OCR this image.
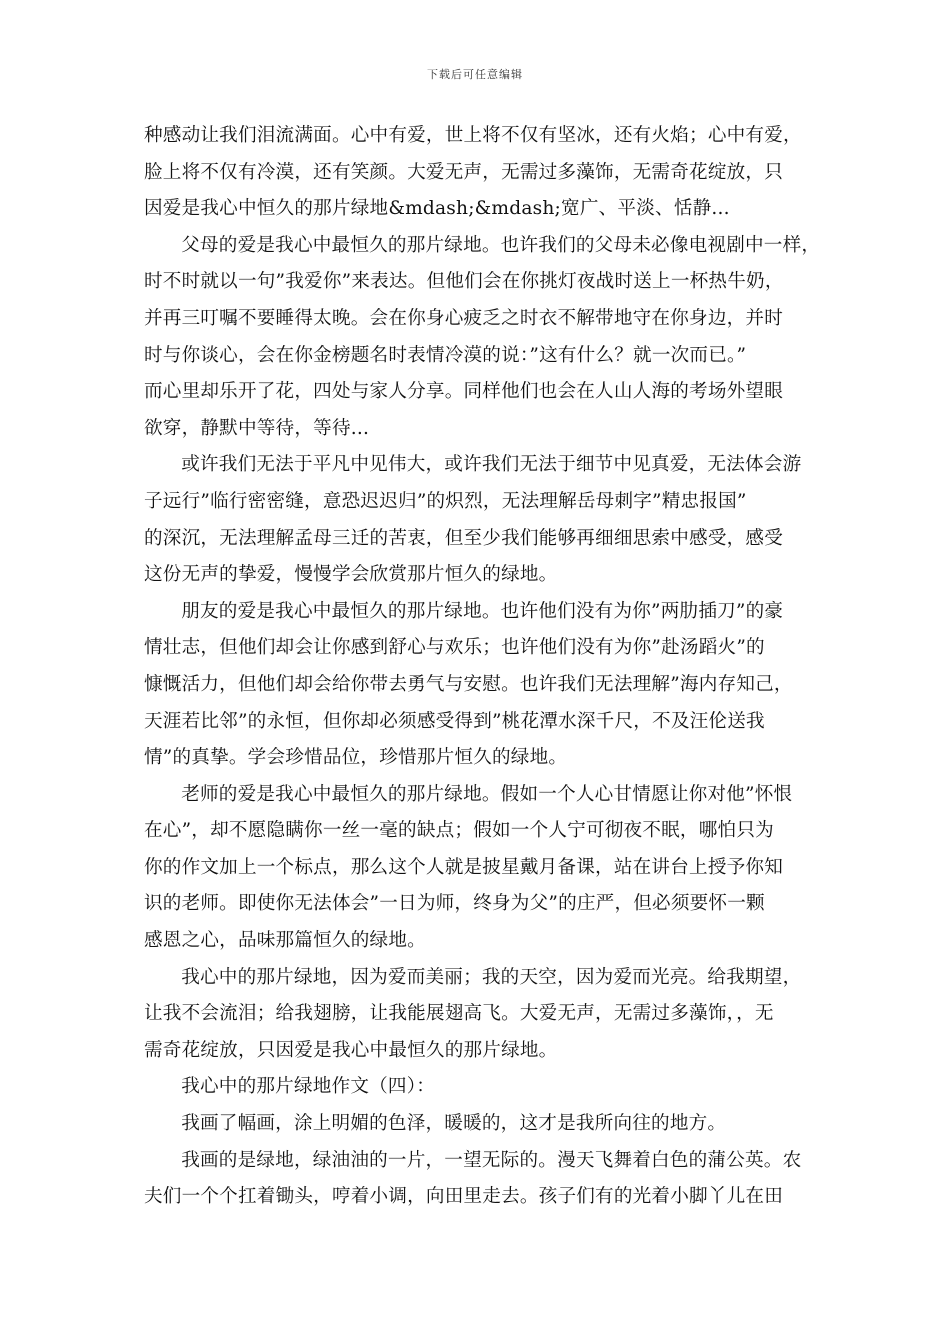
下载后可任意编辑
种感动让我们泪流满面。心中有爱，世上将不仅有坚冰，还有火焰；心中有爱，
脸上将不仅有冷漠，还有笑颜。大爱无声，无需过多藻饰，无需奇花绽放，只
因爱是我心中恒久的那片绿地&mdash;&mdash;宽广、平淡、恬静...
父母的爱是我心中最恒久的那片绿地。也许我们的父母未必像电视剧中一样，
时不时就以一句”我爱你”来表达。但他们会在你挑灯夜战时送上一杯热牛奶，
并再三叮嘱不要睡得太晚。会在你身心疲乏之时衣不解带地守在你身边，并时
时与你谈心，会在你金榜题名时表情冷漠的说：”这有什么？就一次而已。”
而心里却乐开了花，四处与家人分享。同样他们也会在人山人海的考场外望眼
欲穿，静默中等待，等待...
或许我们无法于平凡中见伟大，或许我们无法于细节中见真爱，无法体会游
子远行”临行密密缝，意恐迟迟归”的炽烈，无法理解岳母刺字”精忠报国”
的深沉，无法理解孟母三迁的苦衷，但至少我们能够再细细思索中感受，感受
这份无声的挚爱，慢慢学会欣赏那片恒久的绿地。
朋友的爱是我心中最恒久的那片绿地。也许他们没有为你”两肋插刀”的豪
情壮志，但他们却会让你感到舒心与欢乐；也许他们没有为你”赴汤蹈火”的
慷慨活力，但他们却会给你带去勇气与安慰。也许我们无法理解”海内存知己，
天涯若比邻”的永恒，但你却必须感受得到”桃花潭水深千尺，不及汪伦送我
情”的真挚。学会珍惜品位，珍惜那片恒久的绿地。
老师的爱是我心中最恒久的那片绿地。假如一个人心甘情愿让你对他”怀恨
在心”，却不愿隐瞒你一丝一毫的缺点；假如一个人宁可彻夜不眠，哪怕只为
你的作文加上一个标点，那么这个人就是披星戴月备课，站在讲台上授予你知
识的老师。即使你无法体会”一日为师，终身为父”的庄严，但必须要怀一颗
感恩之心，品味那篇恒久的绿地。
我心中的那片绿地，因为爱而美丽；我的天空，因为爱而光亮。给我期望，
让我不会流泪；给我翅膀，让我能展翅高飞。大爱无声，无需过多藻饰，，无
需奇花绽放，只因爱是我心中最恒久的那片绿地。
我心中的那片绿地作文（四）：
我画了幅画，涂上明媚的色泽，暖暖的，这才是我所向往的地方。
我画的是绿地，绿油油的一片，一望无际的。漫天飞舞着白色的蒲公英。农
夫们一个个扛着锄头，哼着小调，向田里走去。孩子们有的光着小脚丫儿在田
